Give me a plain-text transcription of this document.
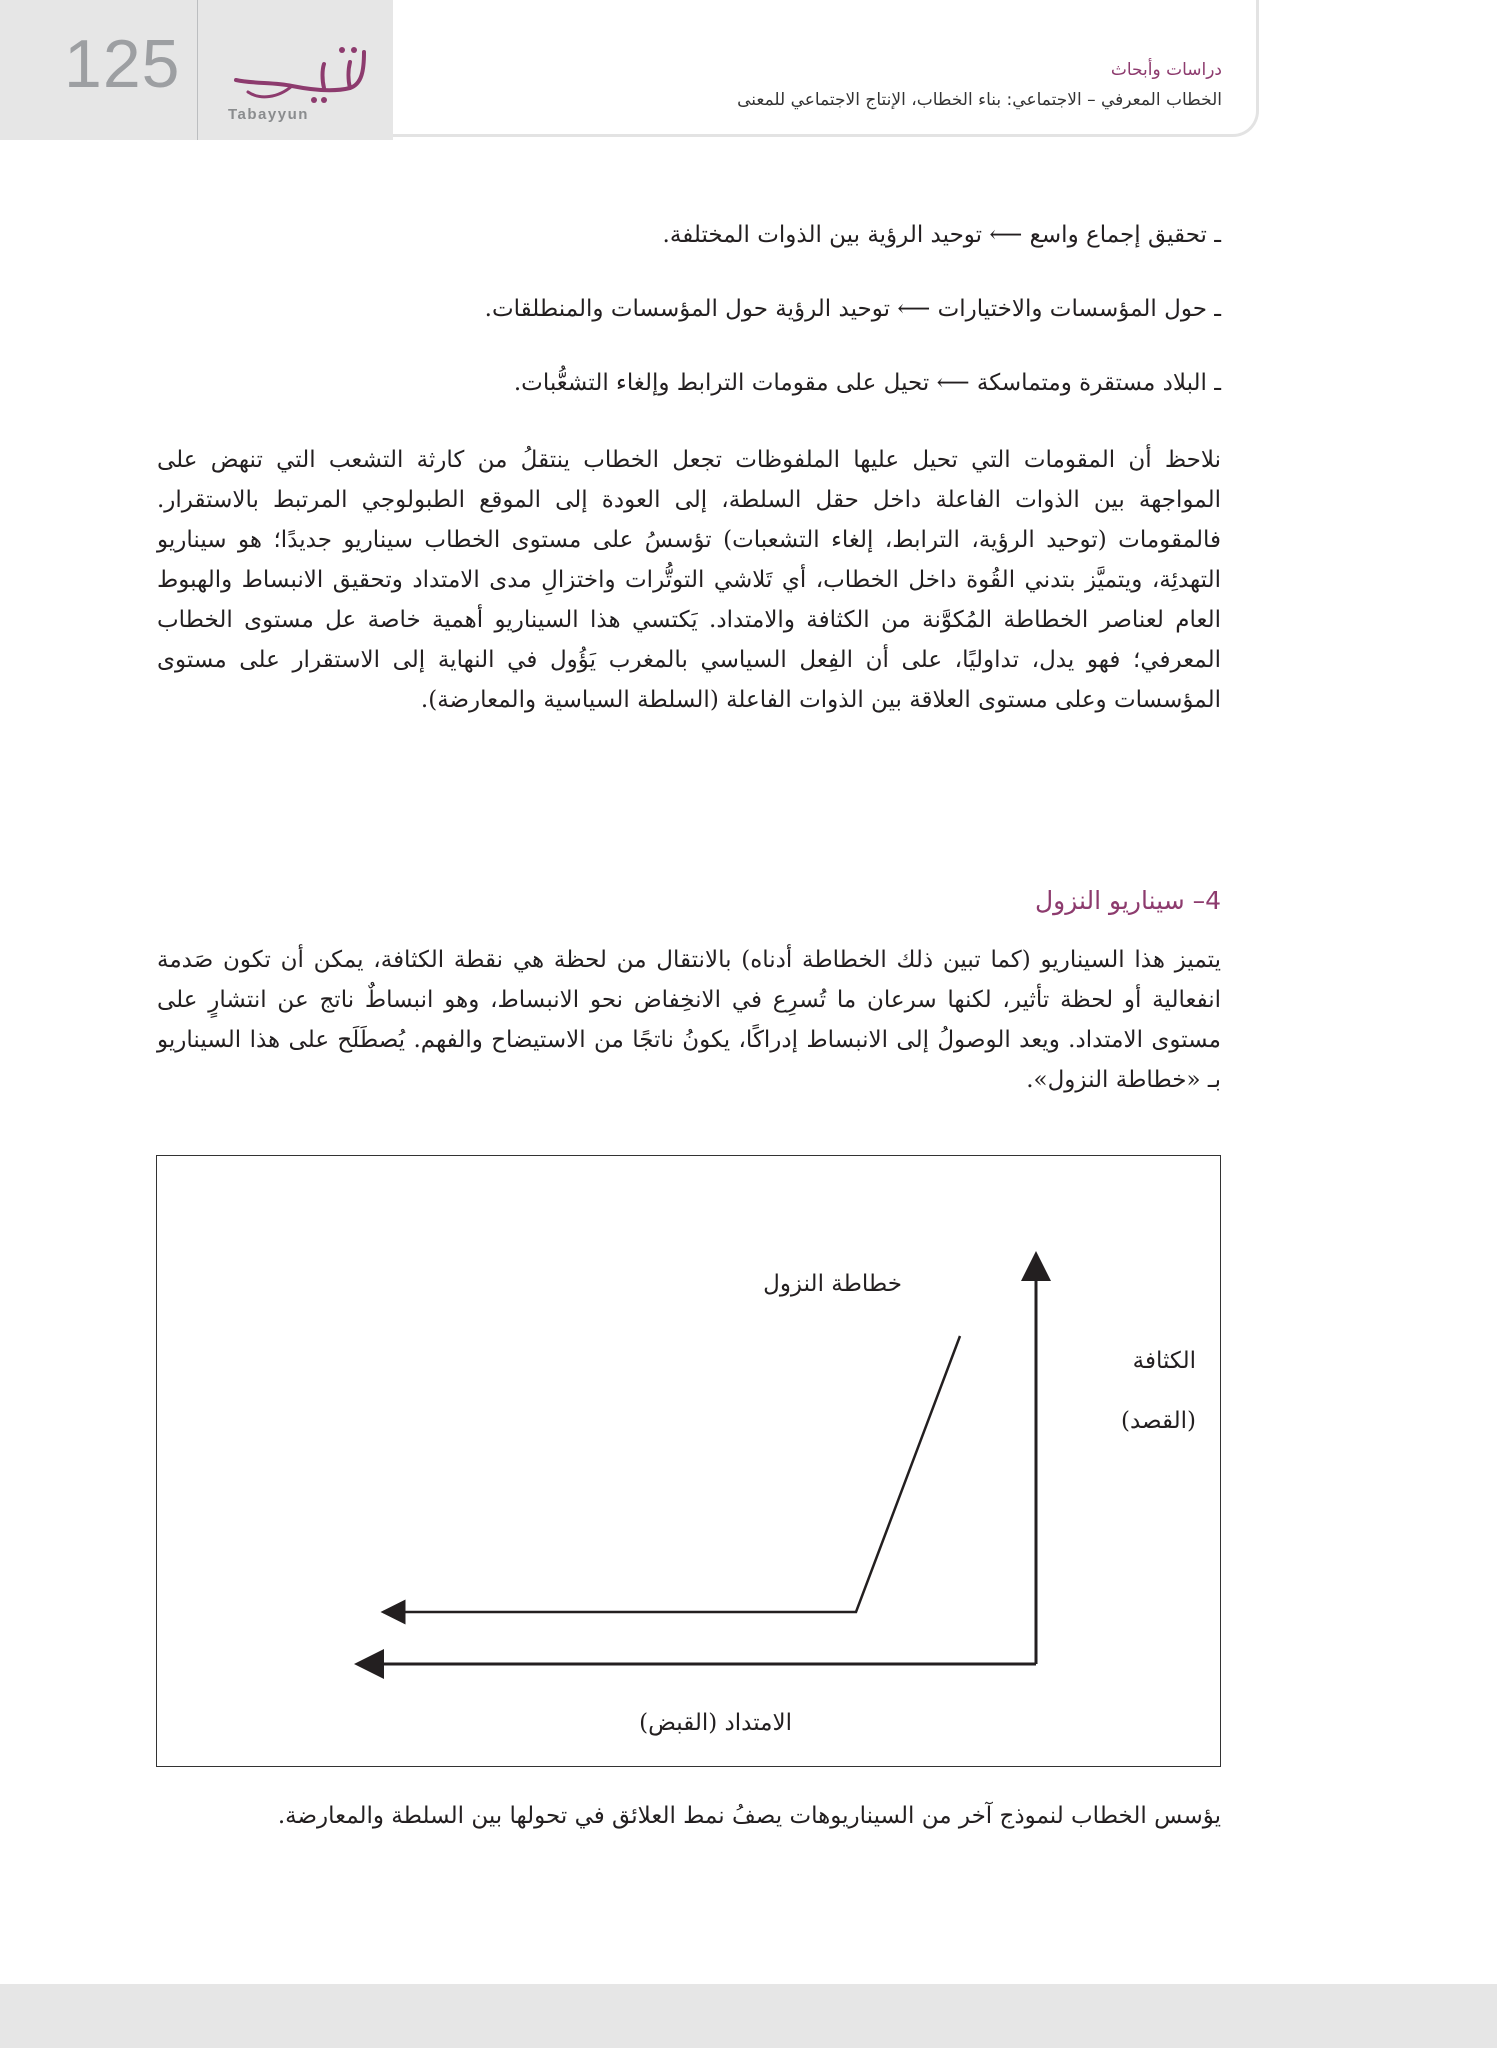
125
Tabayyun
دراسات وأبحاث
الخطاب المعرفي – الاجتماعي: بناء الخطاب، الإنتاج الاجتماعي للمعنى
ـ تحقيق إجماع واسع ⟵ توحيد الرؤية بين الذوات المختلفة.
ـ حول المؤسسات والاختيارات ⟵ توحيد الرؤية حول المؤسسات والمنطلقات.
ـ البلاد مستقرة ومتماسكة ⟵ تحيل على مقومات الترابط وإلغاء التشعُّبات.
نلاحظ أن المقومات التي تحيل عليها الملفوظات تجعل الخطاب ينتقلُ من كارثة التشعب التي تنهض على المواجهة بين الذوات الفاعلة داخل حقل السلطة، إلى العودة إلى الموقع الطبولوجي المرتبط بالاستقرار. فالمقومات (توحيد الرؤية، الترابط، إلغاء التشعبات) تؤسسُ على مستوى الخطاب سيناريو جديدًا؛ هو سيناريو التهدئِة، ويتميَّز بتدني القُوة داخل الخطاب، أي تَلاشي التوتُّرات واختزالِ مدى الامتداد وتحقيق الانبساط والهبوط العام لعناصر الخطاطة المُكوَّنة من الكثافة والامتداد. يَكتسي هذا السيناريو أهمية خاصة عل مستوى الخطاب المعرفي؛ فهو يدل، تداوليًا، على أن الفِعل السياسي بالمغرب يَؤُول في النهاية إلى الاستقرار على مستوى المؤسسات وعلى مستوى العلاقة بين الذوات الفاعلة (السلطة السياسية والمعارضة).
4– سيناريو النزول
يتميز هذا السيناريو (كما تبين ذلك الخطاطة أدناه) بالانتقال من لحظة هي نقطة الكثافة، يمكن أن تكون صَدمة انفعالية أو لحظة تأثير، لكنها سرعان ما تُسرِع في الانخِفاض نحو الانبساط، وهو انبساطٌ ناتج عن انتشارٍ على مستوى الامتداد. ويعد الوصولُ إلى الانبساط إدراكًا، يكونُ ناتجًا من الاستيضاح والفهم. يُصطَلَح على هذا السيناريو بـ «خطاطة النزول».
خطاطة النزول
الكثافة
(القصد)
الامتداد (القبض)
يؤسس الخطاب لنموذج آخر من السيناريوهات يصفُ نمط العلائق في تحولها بين السلطة والمعارضة.
